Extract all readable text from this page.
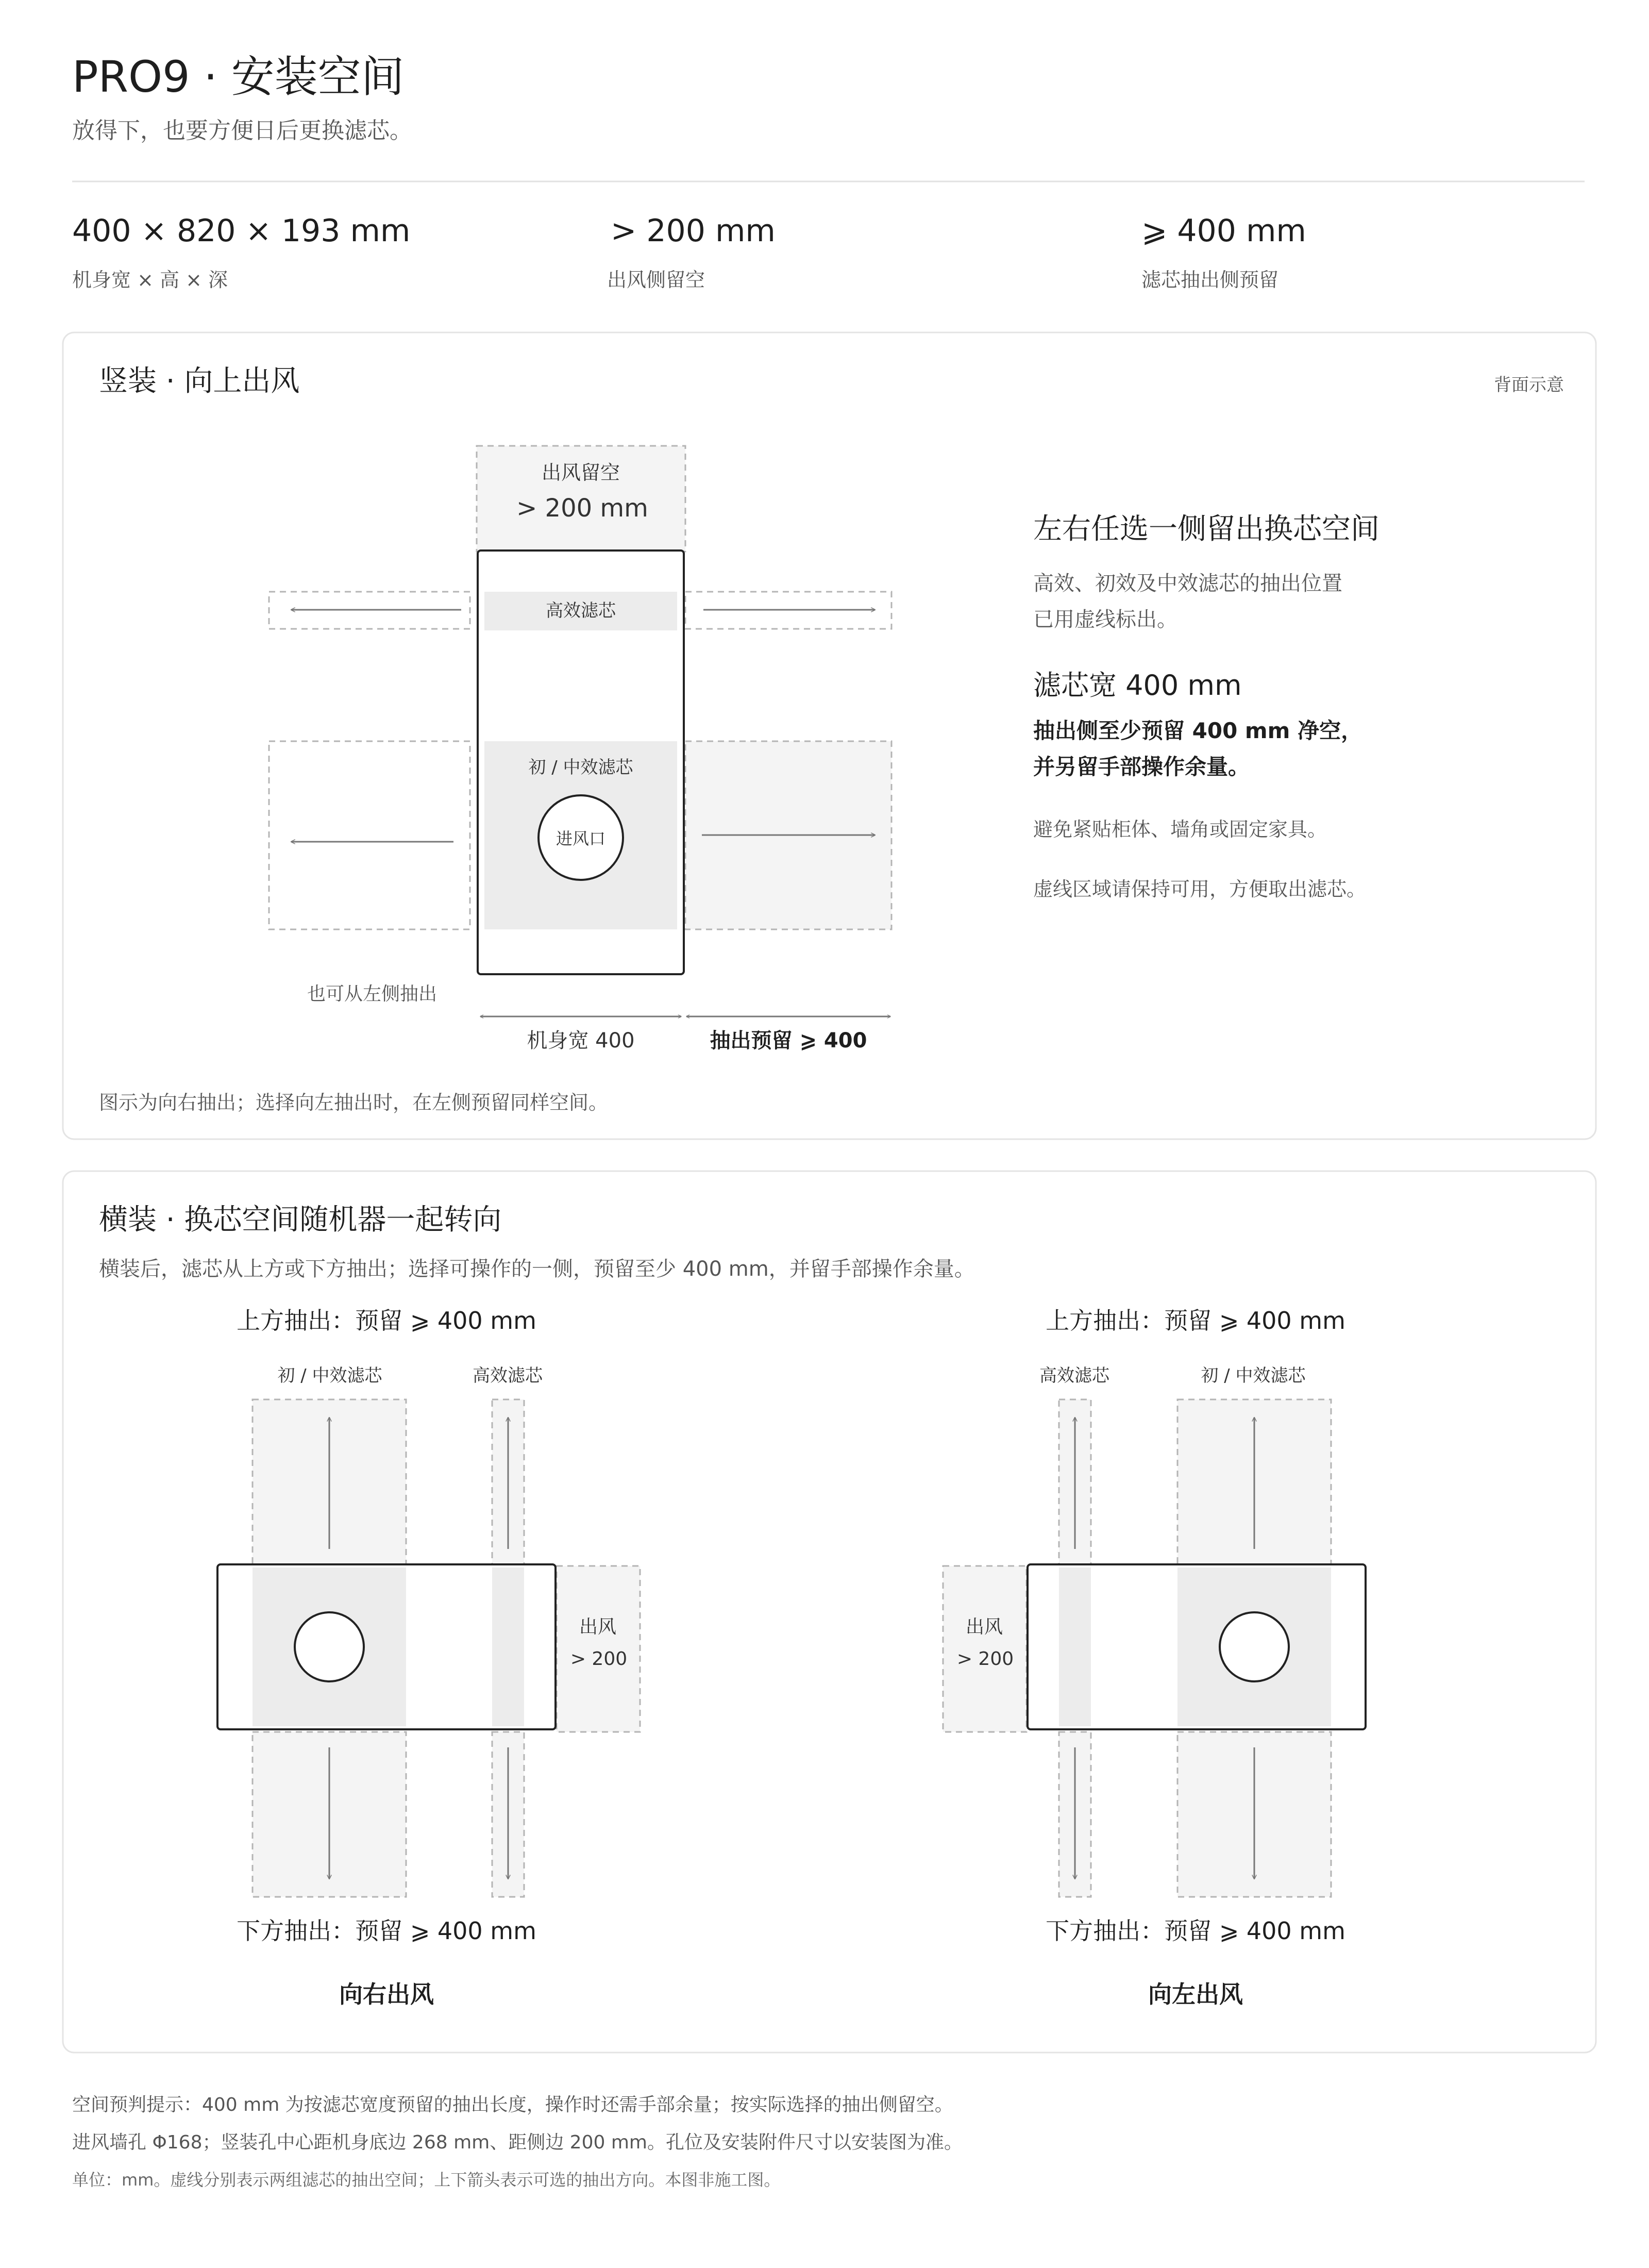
PRO9 · 安装空间
放得下，也要方便日后更换滤芯。
400 × 820 × 193 mm
机身宽 × 高 × 深
> 200 mm
出风侧留空
⩾ 400 mm
滤芯抽出侧预留
竖装 · 向上出风	背面示意
出风留空
> 200 mm
高效滤芯
初 / 中效滤芯
进风口
也可从左侧抽出
机身宽 400	抽出预留 ⩾ 400
左右任选一侧留出换芯空间
高效、初效及中效滤芯的抽出位置
已用虚线标出。
滤芯宽 400 mm
抽出侧至少预留 400 mm 净空，
并另留手部操作余量。
避免紧贴柜体、墙角或固定家具。
虚线区域请保持可用，方便取出滤芯。
图示为向右抽出；选择向左抽出时，在左侧预留同样空间。
横装 · 换芯空间随机器一起转向
横装后，滤芯从上方或下方抽出；选择可操作的一侧，预留至少 400 mm，并留手部操作余量。
上方抽出：预留 ⩾ 400 mm
初 / 中效滤芯	高效滤芯
出风
> 200
下方抽出：预留 ⩾ 400 mm
向右出风
上方抽出：预留 ⩾ 400 mm
高效滤芯	初 / 中效滤芯
出风
> 200
下方抽出：预留 ⩾ 400 mm
向左出风
空间预判提示：400 mm 为按滤芯宽度预留的抽出长度，操作时还需手部余量；按实际选择的抽出侧留空。
进风墙孔 Φ168；竖装孔中心距机身底边 268 mm、距侧边 200 mm。孔位及安装附件尺寸以安装图为准。
单位：mm。虚线分别表示两组滤芯的抽出空间；上下箭头表示可选的抽出方向。本图非施工图。
